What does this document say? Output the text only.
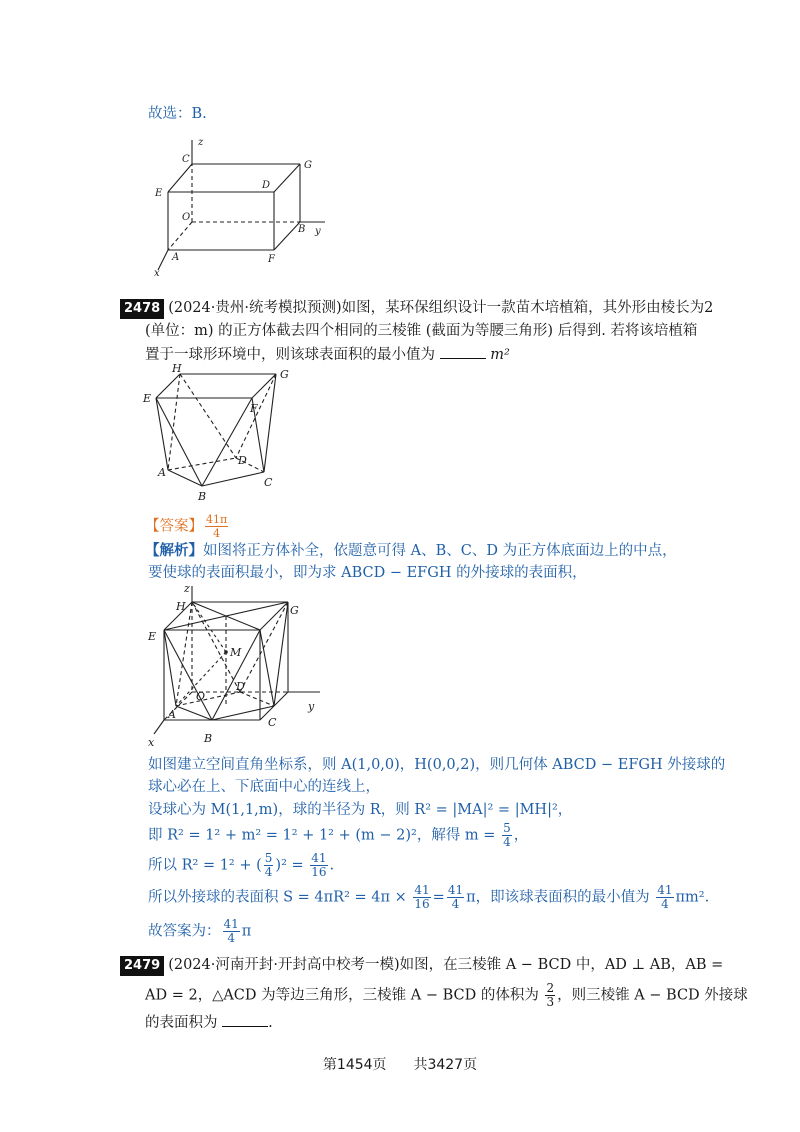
故选：B.
z
C
G
E
D
O
B y
A	F
x
2478 (2024·贵州·统考模拟预测)如图，某环保组织设计一款苗木培植箱，其外形由棱长为2
(单位：m) 的正方体截去四个相同的三棱锥 (截面为等腰三角形) 后得到. 若将该培植箱
置于一球形环境中，则该球表面积的最小值为	m²
H	G
E
F
D
A
C
B
【答案】 $\frac{41\pi}{4}$
【解析】如图将正方体补全，依题意可得 A、B、C、D 为正方体底面边上的中点，
要使球的表面积最小，即为求 ABCD − EFGH 的外接球的表面积，
z
H	G
E
M
O
D
A
C
y
x	B
如图建立空间直角坐标系，则 A(1,0,0)，H(0,0,2)，则几何体 ABCD − EFGH 外接球的
球心必在上、下底面中心的连线上，
设球心为 M(1,1,m)，球的半径为 R，则 R² = |MA|² = |MH|²，
即 R² = 1² + m² = 1² + 1² + (m − 2)²，解得 $m = \frac{5}{4}$ ，
所以 R² = 1² + ( $\frac{5}{4} )^2 = \frac{41}{16}$ .
所以外接球的表面积 $S = 4\pi R^2 = 4\pi \times \frac{41}{16} = \frac{41}{4}$ π，即该球表面积的最小值为 $\frac{41}{4} \pi m^2$.
故答案为： $\frac{41}{4}$ π
2479 (2024·河南开封·开封高中校考一模)如图，在三棱锥 A − BCD 中，AD ⊥ AB，AB =
AD = 2，△ACD 为等边三角形，三棱锥 A − BCD 的体积为 $\frac{2}{3}$ ，则三棱锥 A − BCD 外接球
的表面积为	.
第1454页 共3427页
